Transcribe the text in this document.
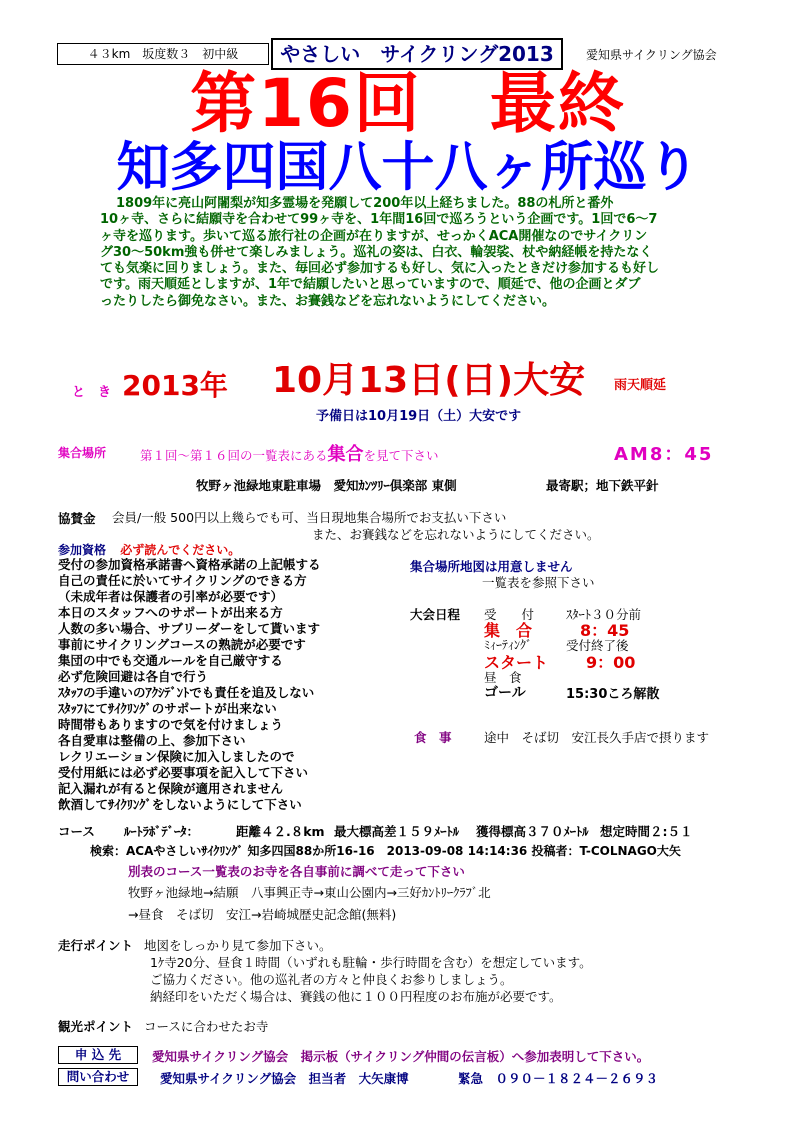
４３km　坂度数３　初中級	やさしい　サイクリング2013	愛知県サイクリング協会
第16回　最終
知多四国八十八ヶ所巡り
1809年に亮山阿闍梨が知多霊場を発願して200年以上経ちました。88の札所と番外
10ヶ寺、さらに結願寺を合わせて99ヶ寺を、1年間16回で巡ろうという企画です。1回で6～7
ヶ寺を巡ります。歩いて巡る旅行社の企画が在りますが、せっかくACA開催なのでサイクリン
グ30～50km強も併せて楽しみましょう。巡礼の姿は、白衣、輪袈裟、杖や納経帳を持たなく
ても気楽に回りましょう。また、毎回必ず参加するも好し、気に入ったときだけ参加するも好し
です。雨天順延としますが、1年で結願したいと思っていますので、順延で、他の企画とダブ
ったりしたら御免なさい。また、お賽銭などを忘れないようにしてください。
と　き 2013年 10月13日(日)大安 雨天順延
予備日は10月19日（土）大安です
集合場所	第１回～第１６回の一覧表にある集合を見て下さい	AM8：45
牧野ヶ池緑地東駐車場　愛知ｶﾝﾂﾘｰ倶楽部 東側	最寄駅；地下鉄平針
協賛金 会員/一般 500円以上幾らでも可、当日現地集合場所でお支払い下さい
また、お賽銭などを忘れないようにしてください。
参加資格 必ず読んでください。
受付の参加資格承諾書へ資格承諾の上記帳する
自己の責任に於いてサイクリングのできる方
（未成年者は保護者の引率が必要です）
本日のスタッフへのサポートが出来る方
人数の多い場合、サブリーダーをして貰います
事前にサイクリングコースの熟読が必要です
集団の中でも交通ルールを自己厳守する
必ず危険回避は各自で行う
ｽﾀｯﾌの手違いのｱｸｼﾃﾞﾝﾄでも責任を追及しない
ｽﾀｯﾌにてｻｲｸﾘﾝｸﾞのサポートが出来ない
時間帯もありますので気を付けましょう
各自愛車は整備の上、参加下さい
レクリエーション保険に加入しましたので
受付用紙には必ず必要事項を記入して下さい
記入漏れが有ると保険が適用されません
飲酒してｻｲｸﾘﾝｸﾞをしないようにして下さい
集合場所地図は用意しません
一覧表を参照下さい
大会日程 受　　付	ｽﾀｰﾄ３０分前
集　合	8：45
ﾐｨｰﾃｨﾝｸﾞ	受付終了後
スタート 9：00
昼　食
ゴール	15:30ころ解散
食　事	途中　そば切　安江長久手店で摂ります
コース ﾙｰﾄﾗﾎﾞﾃﾞｰﾀ：	距離４２.８km 最大標高差１５９ﾒｰﾄﾙ 獲得標高３７０ﾒｰﾄﾙ 想定時間２:５１
検索：ACAやさしいｻｲｸﾘﾝｸﾞ 知多四国88か所16-16　2013-09-08 14:14:36 投稿者：T-COLNAGO大矢
別表のコース一覧表のお寺を各自事前に調べて走って下さい
牧野ヶ池緑地→結願　八事興正寺→東山公園内→三好ｶﾝﾄﾘｰｸﾗﾌﾞ北
→昼食　そば切　安江→岩崎城歴史記念館(無料)
走行ポイント 地図をしっかり見て参加下さい。
1ｹ寺20分、昼食１時間（いずれも駐輪・歩行時間を含む）を想定しています。
ご協力ください。他の巡礼者の方々と仲良くお参りしましょう。
納経印をいただく場合は、賽銭の他に１００円程度のお布施が必要です。
観光ポイント コースに合わせたお寺
申 込 先	愛知県サイクリング協会　掲示板（サイクリング仲間の伝言板）へ参加表明して下さい。
問い合わせ	愛知県サイクリング協会　担当者　大矢康博	緊急　０９０－１８２４－２６９３
